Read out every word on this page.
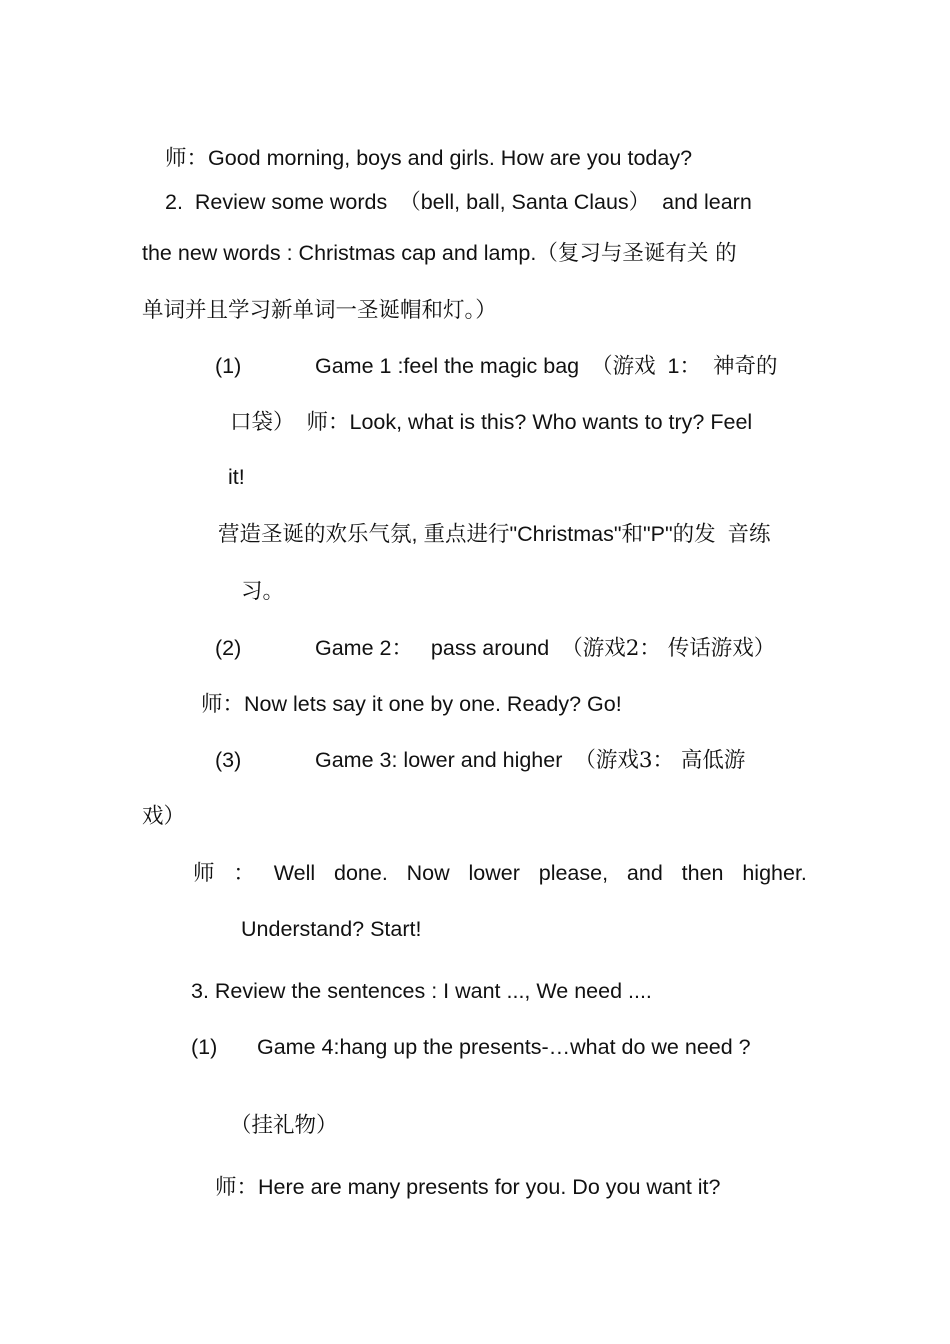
师：Good morning, boys and girls. How are you today?
2. Review some words （bell, ball, Santa Claus） and learn
the new words : Christmas cap and lamp.（复习与圣诞有关 的
单词并且学习新单词一圣诞帽和灯。）
(1)	Game 1 :feel the magic bag （游戏 1： 神奇的
口袋） 师：Look, what is this? Who wants to try? Feel
it!
营造圣诞的欢乐气氛, 重点进行"Christmas"和"P"的发 音练
习。
(2)	Game 2： pass around （游戏2： 传话游戏）
师：Now lets say it one by one. Ready? Go!
(3)	Game 3: lower and higher （游戏3： 高低游
戏）
师 ： Well done. Now lower please, and then higher.
Understand? Start!
3. Review the sentences : I want ..., We need ....
(1) Game 4:hang up the presents-…what do we need ?
（挂礼物）
师：Here are many presents for you. Do you want it?
